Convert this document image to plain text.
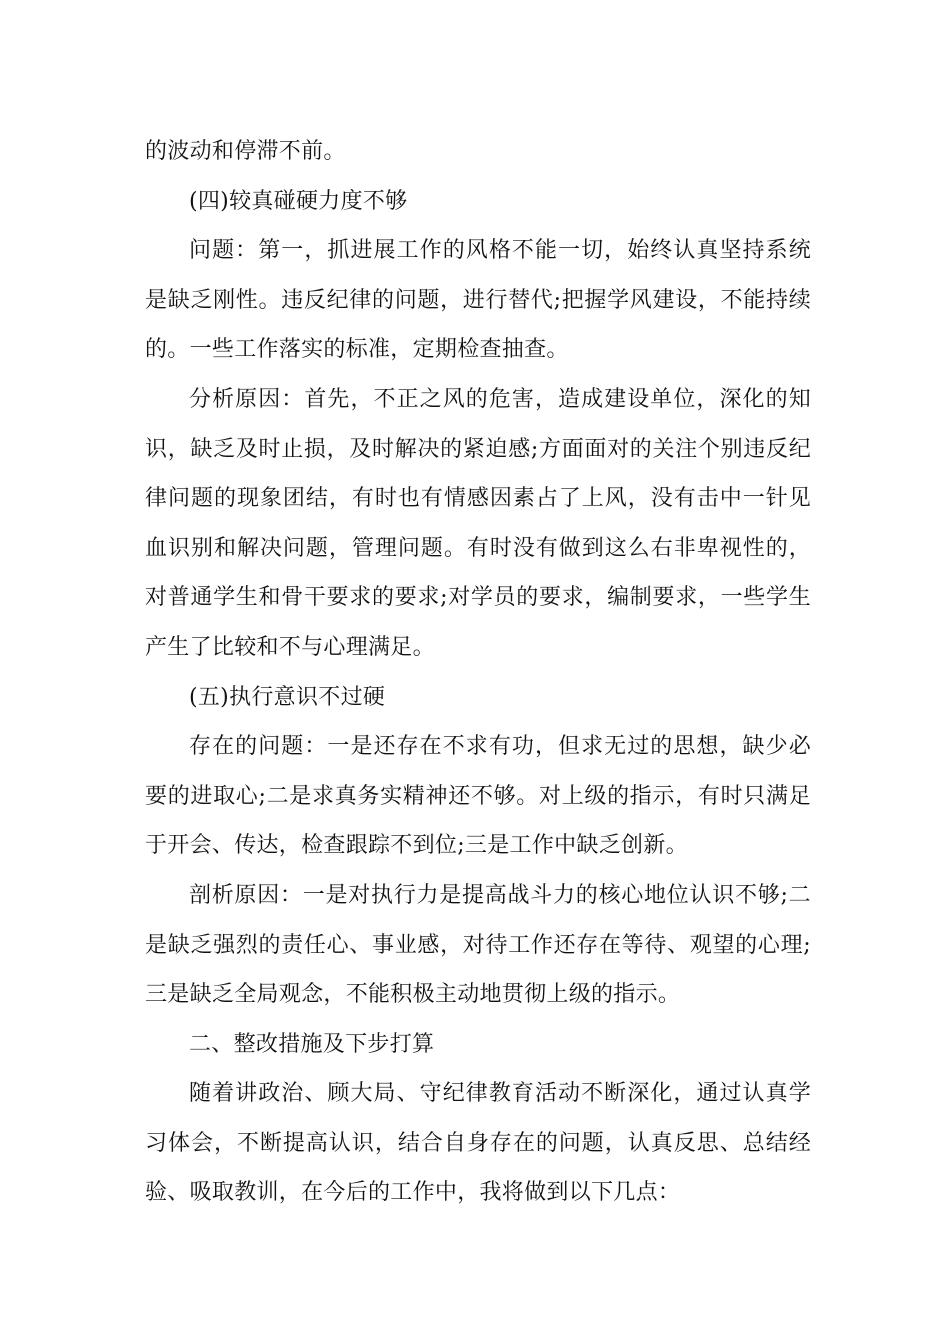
的波动和停滞不前。

(四)较真碰硬力度不够

问题：第一，抓进展工作的风格不能一切，始终认真坚持系统是缺乏刚性。违反纪律的问题，进行替代;把握学风建设，不能持续的。一些工作落实的标准，定期检查抽查。

分析原因：首先，不正之风的危害，造成建设单位，深化的知识，缺乏及时止损，及时解决的紧迫感;方面面对的关注个别违反纪律问题的现象团结，有时也有情感因素占了上风，没有击中一针见血识别和解决问题，管理问题。有时没有做到这么右非卑视性的，对普通学生和骨干要求的要求;对学员的要求，编制要求，一些学生产生了比较和不与心理满足。

(五)执行意识不过硬

存在的问题：一是还存在不求有功，但求无过的思想，缺少必要的进取心;二是求真务实精神还不够。对上级的指示，有时只满足于开会、传达，检查跟踪不到位;三是工作中缺乏创新。

剖析原因：一是对执行力是提高战斗力的核心地位认识不够;二是缺乏强烈的责任心、事业感，对待工作还存在等待、观望的心理;三是缺乏全局观念，不能积极主动地贯彻上级的指示。

二、整改措施及下步打算

随着讲政治、顾大局、守纪律教育活动不断深化，通过认真学习体会，不断提高认识，结合自身存在的问题，认真反思、总结经验、吸取教训，在今后的工作中，我将做到以下几点：
